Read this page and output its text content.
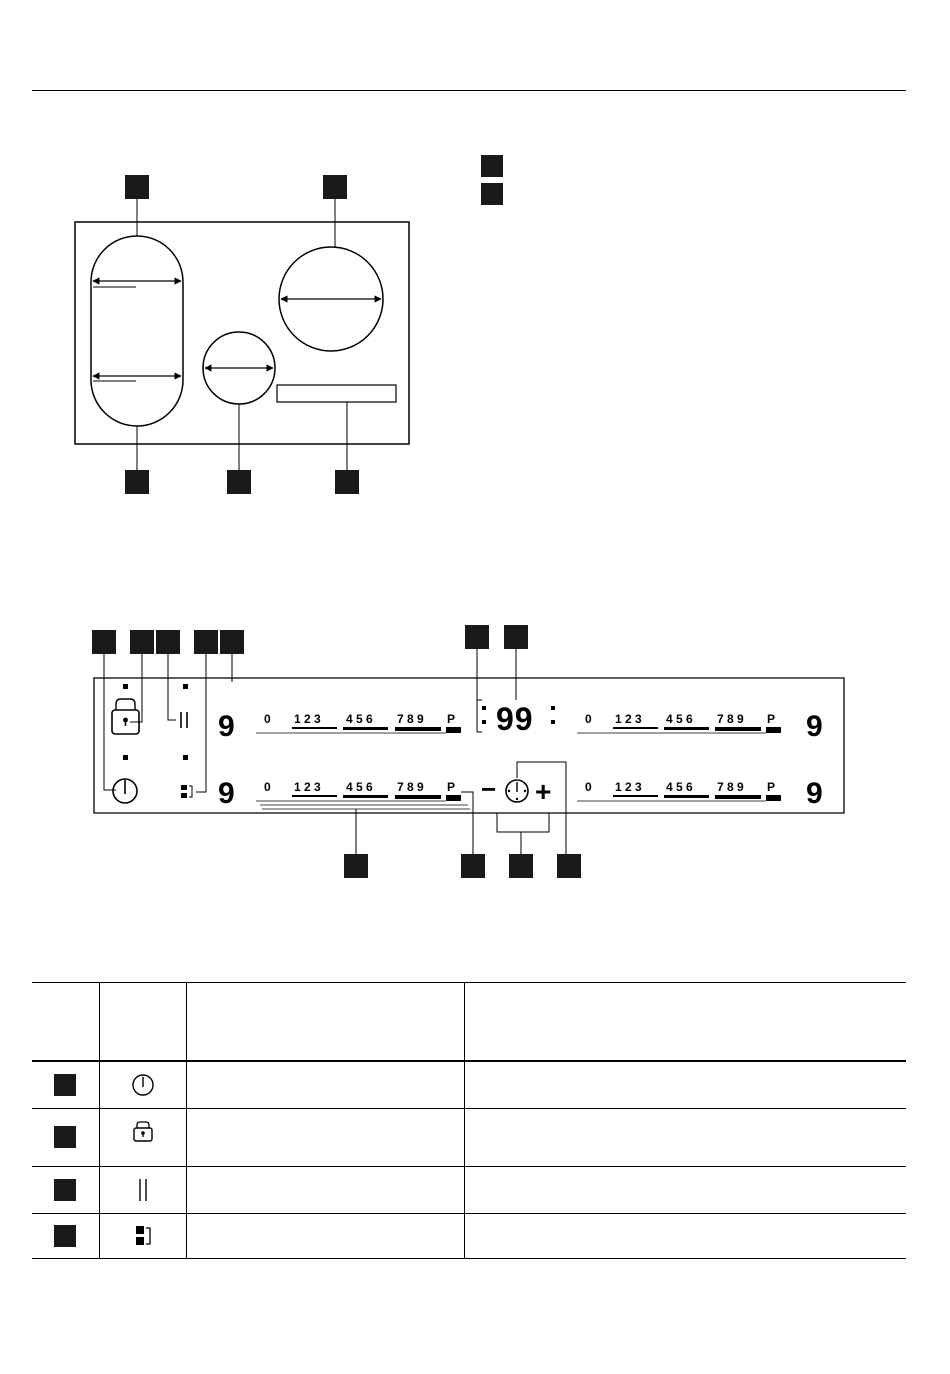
9
9
9
9
0 1 2 3 4 5 6 7 8 9 P
0 1 2 3 4 5 6 7 8 9 P
0 1 2 3 4 5 6 7 8 9 P
0 1 2 3 4 5 6 7 8 9 P
99
− +
